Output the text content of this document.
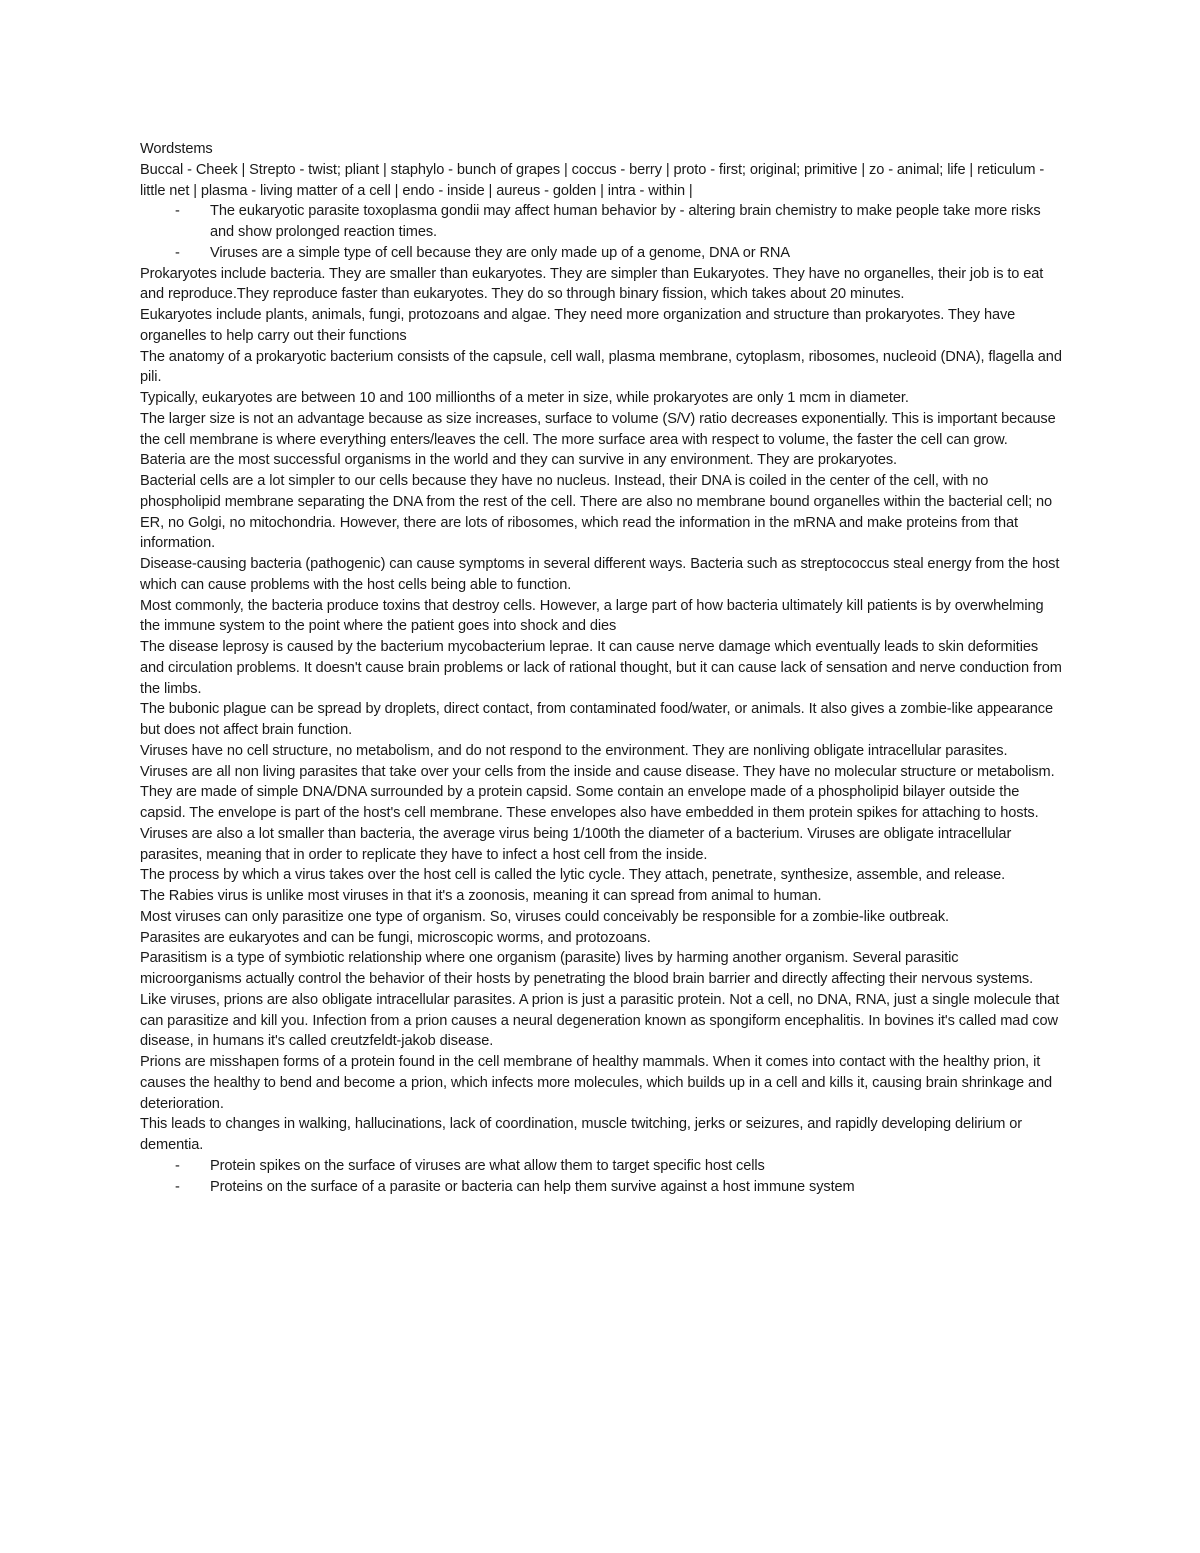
Wordstems

Buccal - Cheek | Strepto - twist; pliant | staphylo - bunch of grapes | coccus - berry | proto - first; original; primitive | zo - animal; life | reticulum - little net | plasma - living matter of a cell | endo - inside | aureus - golden | intra - within |

- The eukaryotic parasite toxoplasma gondii may affect human behavior by - altering brain chemistry to make people take more risks and show prolonged reaction times.
- Viruses are a simple type of cell because they are only made up of a genome, DNA or RNA

Prokaryotes include bacteria. They are smaller than eukaryotes. They are simpler than Eukaryotes. They have no organelles, their job is to eat and reproduce.They reproduce faster than eukaryotes. They do so through binary fission, which takes about 20 minutes.

Eukaryotes include plants, animals, fungi, protozoans and algae. They need more organization and structure than prokaryotes. They have organelles to help carry out their functions

The anatomy of a prokaryotic bacterium consists of the capsule, cell wall, plasma membrane, cytoplasm, ribosomes, nucleoid (DNA), flagella and pili.

Typically, eukaryotes are between 10 and 100 millionths of a meter in size, while prokaryotes are only 1 mcm in diameter.

The larger size is not an advantage because as size increases, surface to volume (S/V) ratio decreases exponentially. This is important because the cell membrane is where everything enters/leaves the cell. The more surface area with respect to volume, the faster the cell can grow.

Bateria are the most successful organisms in the world and they can survive in any environment. They are prokaryotes.

Bacterial cells are a lot simpler to our cells because they have no nucleus. Instead, their DNA is coiled in the center of the cell, with no phospholipid membrane separating the DNA from the rest of the cell. There are also no membrane bound organelles within the bacterial cell; no ER, no Golgi, no mitochondria. However, there are lots of ribosomes, which read the information in the mRNA and make proteins from that information.

Disease-causing bacteria (pathogenic) can cause symptoms in several different ways. Bacteria such as streptococcus steal energy from the host which can cause problems with the host cells being able to function.

Most commonly, the bacteria produce toxins that destroy cells. However, a large part of how bacteria ultimately kill patients is by overwhelming the immune system to the point where the patient goes into shock and dies

The disease leprosy is caused by the bacterium mycobacterium leprae. It can cause nerve damage which eventually leads to skin deformities and circulation problems. It doesn't cause brain problems or lack of rational thought, but it can cause lack of sensation and nerve conduction from the limbs.

The bubonic plague can be spread by droplets, direct contact, from contaminated food/water, or animals. It also gives a zombie-like appearance but does not affect brain function.

Viruses have no cell structure, no metabolism, and do not respond to the environment. They are nonliving obligate intracellular parasites.

Viruses are all non living parasites that take over your cells from the inside and cause disease. They have no molecular structure or metabolism. They are made of simple DNA/DNA surrounded by a protein capsid. Some contain an envelope made of a phospholipid bilayer outside the capsid. The envelope is part of the host's cell membrane. These envelopes also have embedded in them protein spikes for attaching to hosts.

Viruses are also a lot smaller than bacteria, the average virus being 1/100th the diameter of a bacterium. Viruses are obligate intracellular parasites, meaning that in order to replicate they have to infect a host cell from the inside.

The process by which a virus takes over the host cell is called the lytic cycle. They attach, penetrate, synthesize, assemble, and release.

The Rabies virus is unlike most viruses in that it's a zoonosis, meaning it can spread from animal to human.

Most viruses can only parasitize one type of organism. So, viruses could conceivably be responsible for a zombie-like outbreak.

Parasites are eukaryotes and can be fungi, microscopic worms, and protozoans.

Parasitism is a type of symbiotic relationship where one organism (parasite) lives by harming another organism. Several parasitic microorganisms actually control the behavior of their hosts by penetrating the blood brain barrier and directly affecting their nervous systems.

Like viruses, prions are also obligate intracellular parasites. A prion is just a parasitic protein. Not a cell, no DNA, RNA, just a single molecule that can parasitize and kill you. Infection from a prion causes a neural degeneration known as spongiform encephalitis. In bovines it's called mad cow disease, in humans it's called creutzfeldt-jakob disease.

Prions are misshapen forms of a protein found in the cell membrane of healthy mammals. When it comes into contact with the healthy prion, it causes the healthy to bend and become a prion, which infects more molecules, which builds up in a cell and kills it, causing brain shrinkage and deterioration.

This leads to changes in walking, hallucinations, lack of coordination, muscle twitching, jerks or seizures, and rapidly developing delirium or dementia.

- Protein spikes on the surface of viruses are what allow them to target specific host cells
- Proteins on the surface of a parasite or bacteria can help them survive against a host immune system
